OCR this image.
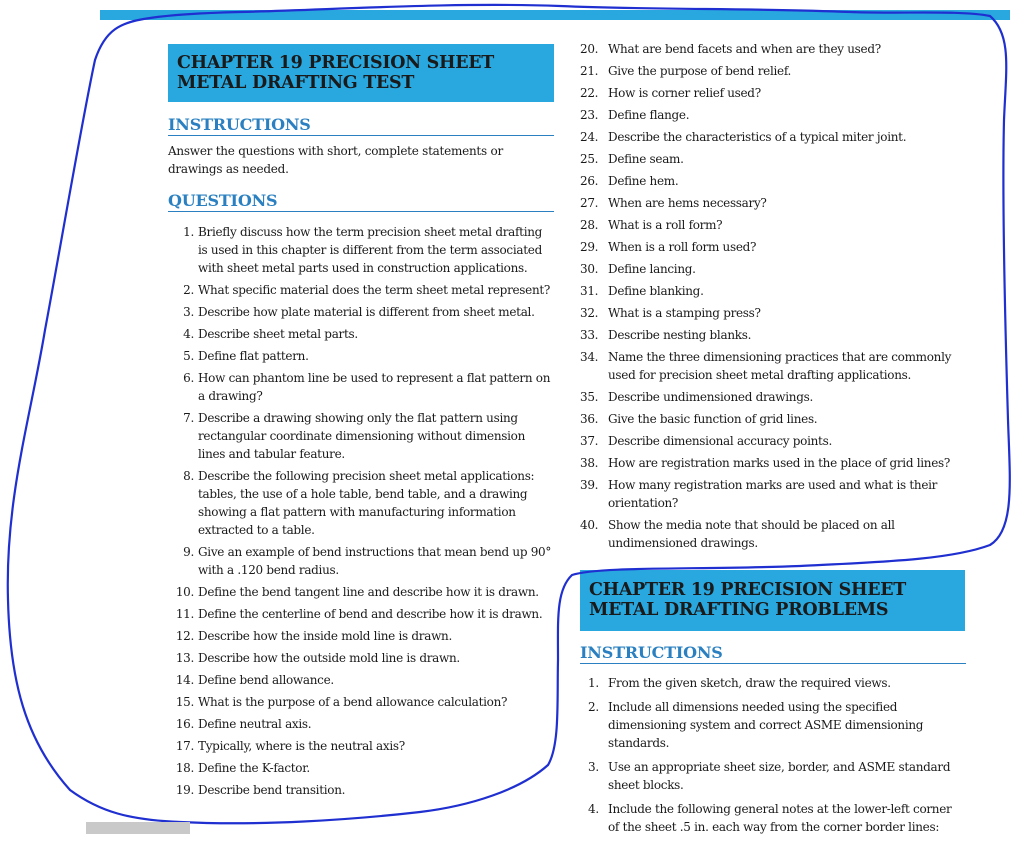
CHAPTER 19 PRECISION SHEET
METAL DRAFTING TEST
INSTRUCTIONS
Answer the questions with short, complete statements or drawings as needed.
QUESTIONS
1. Briefly discuss how the term precision sheet metal drafting is used in this chapter is different from the term associated with sheet metal parts used in construction applications.
2. What specific material does the term sheet metal represent?
3. Describe how plate material is different from sheet metal.
4. Describe sheet metal parts.
5. Define flat pattern.
6. How can phantom line be used to represent a flat pattern on a drawing?
7. Describe a drawing showing only the flat pattern using rectangular coordinate dimensioning without dimension lines and tabular feature.
8. Describe the following precision sheet metal applications: tables, the use of a hole table, bend table, and a drawing showing a flat pattern with manufacturing information extracted to a table.
9. Give an example of bend instructions that mean bend up 90° with a .120 bend radius.
10. Define the bend tangent line and describe how it is drawn.
11. Define the centerline of bend and describe how it is drawn.
12. Describe how the inside mold line is drawn.
13. Describe how the outside mold line is drawn.
14. Define bend allowance.
15. What is the purpose of a bend allowance calculation?
16. Define neutral axis.
17. Typically, where is the neutral axis?
18. Define the K-factor.
19. Describe bend transition.
20. What are bend facets and when are they used?
21. Give the purpose of bend relief.
22. How is corner relief used?
23. Define flange.
24. Describe the characteristics of a typical miter joint.
25. Define seam.
26. Define hem.
27. When are hems necessary?
28. What is a roll form?
29. When is a roll form used?
30. Define lancing.
31. Define blanking.
32. What is a stamping press?
33. Describe nesting blanks.
34. Name the three dimensioning practices that are commonly used for precision sheet metal drafting applications.
35. Describe undimensioned drawings.
36. Give the basic function of grid lines.
37. Describe dimensional accuracy points.
38. How are registration marks used in the place of grid lines?
39. How many registration marks are used and what is their orientation?
40. Show the media note that should be placed on all undimensioned drawings.
CHAPTER 19 PRECISION SHEET
METAL DRAFTING PROBLEMS
INSTRUCTIONS
1. From the given sketch, draw the required views.
2. Include all dimensions needed using the specified dimensioning system and correct ASME dimensioning standards.
3. Use an appropriate sheet size, border, and ASME standard sheet blocks.
4. Include the following general notes at the lower-left corner of the sheet .5 in. each way from the corner border lines:
